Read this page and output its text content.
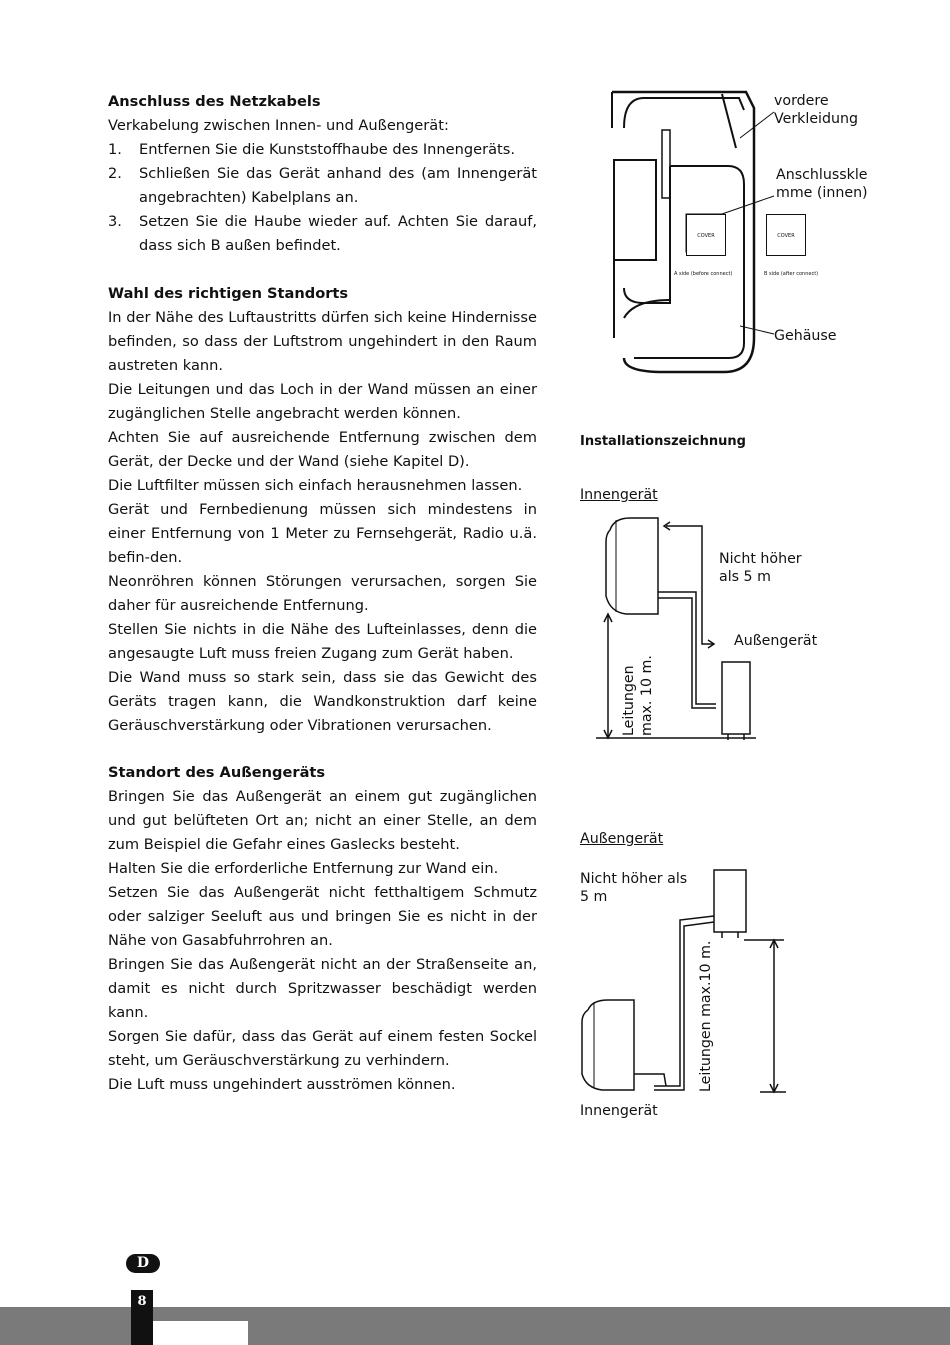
Anschluss des Netzkabels

Verkabelung zwischen Innen- und Außengerät:

1. Entfernen Sie die Kunststoffhaube des Innengeräts.
2. Schließen Sie das Gerät anhand des (am Innengerät angebrachten) Kabelplans an.
3. Setzen Sie die Haube wieder auf. Achten Sie darauf, dass sich B außen befindet.
Wahl des richtigen Standorts

In der Nähe des Luftaustritts dürfen sich keine Hindernisse befinden, so dass der Luftstrom ungehindert in den Raum austreten kann.

Die Leitungen und das Loch in der Wand müssen an einer zugänglichen Stelle angebracht werden können.

Achten Sie auf ausreichende Entfernung zwischen dem Gerät, der Decke und der Wand (siehe Kapitel D).

Die Luftfilter müssen sich einfach herausnehmen lassen.

Gerät und Fernbedienung müssen sich mindestens in einer Entfernung von 1 Meter zu Fernsehgerät, Radio u.ä. befin-den.

Neonröhren können Störungen verursachen, sorgen Sie daher für ausreichende Entfernung.

Stellen Sie nichts in die Nähe des Lufteinlasses, denn die angesaugte Luft muss freien Zugang zum Gerät haben.

Die Wand muss so stark sein, dass sie das Gewicht des Geräts tragen kann, die Wandkonstruktion darf keine Geräuschverstärkung oder Vibrationen verursachen.

Standort des Außengeräts

Bringen Sie das Außengerät an einem gut zugänglichen und gut belüfteten Ort an; nicht an einer Stelle, an dem zum Beispiel die Gefahr eines Gaslecks besteht.

Halten Sie die erforderliche Entfernung zur Wand ein.

Setzen Sie das Außengerät nicht fetthaltigem Schmutz oder salziger Seeluft aus und bringen Sie es nicht in der Nähe von Gasabfuhrrohren an.

Bringen Sie das Außengerät nicht an der Straßenseite an, damit es nicht durch Spritzwasser beschädigt werden kann.

Sorgen Sie dafür, dass das Gerät auf einem festen Sockel steht, um Geräuschverstärkung zu verhindern.

Die Luft muss ungehindert ausströmen können.

COVER	COVER
A side (before connect)	B side (after connect)
vordere
Verkleidung
Anschlusskle
mme (innen)
Gehäuse
Installationszeichnung
Innengerät
Nicht höher
als 5 m
Außengerät
Leitungen
max. 10 m.
Außengerät
Nicht höher als
5 m
Leitungen max.10 m.
Innengerät
D
8
